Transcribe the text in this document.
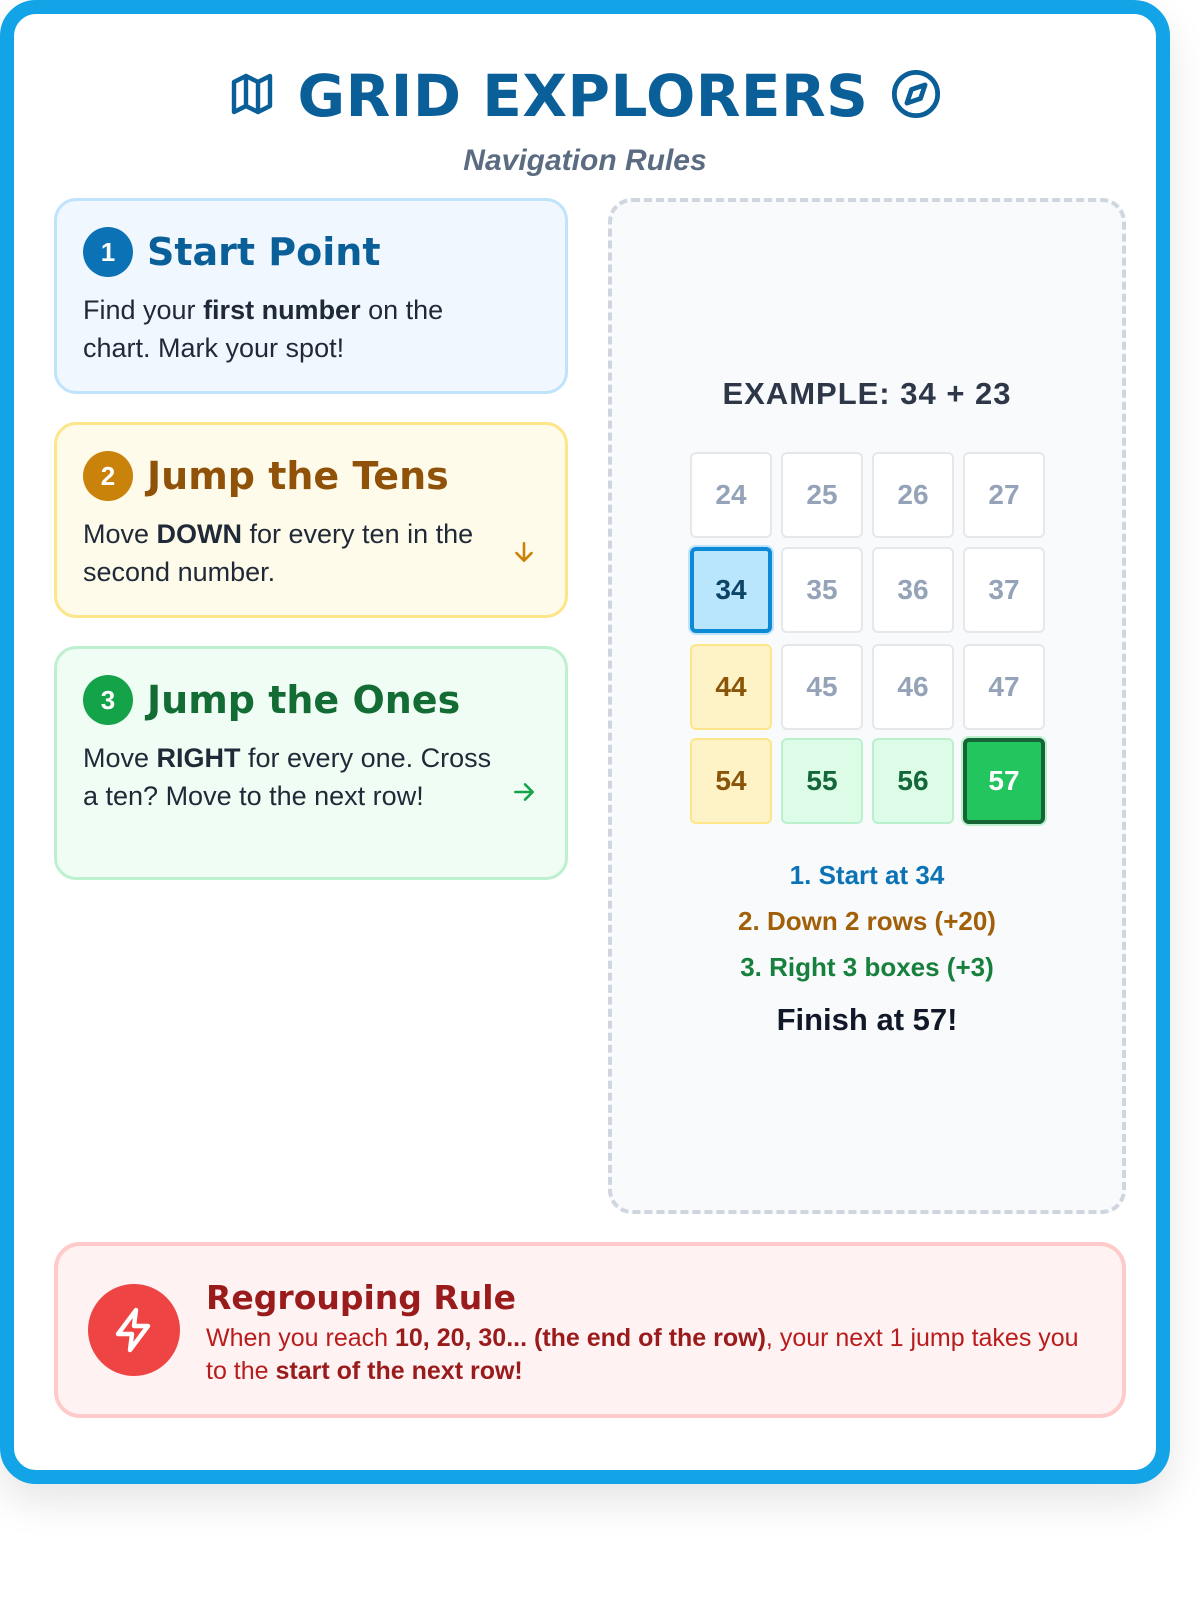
GRID EXPLORERS
Navigation Rules
1 Start Point
Find your first number on the chart. Mark your spot!
2 Jump the Tens
Move DOWN for every ten in the second number.
3 Jump the Ones
Move RIGHT for every one. Cross a ten? Move to the next row!
EXAMPLE: 34 + 23
24	25	26	27
34	35	36	37
44	45	46	47
54	55	56	57
1. Start at 34
2. Down 2 rows (+20)
3. Right 3 boxes (+3)
Finish at 57!
Regrouping Rule
When you reach 10, 20, 30... (the end of the row), your next 1 jump takes you to the start of the next row!
